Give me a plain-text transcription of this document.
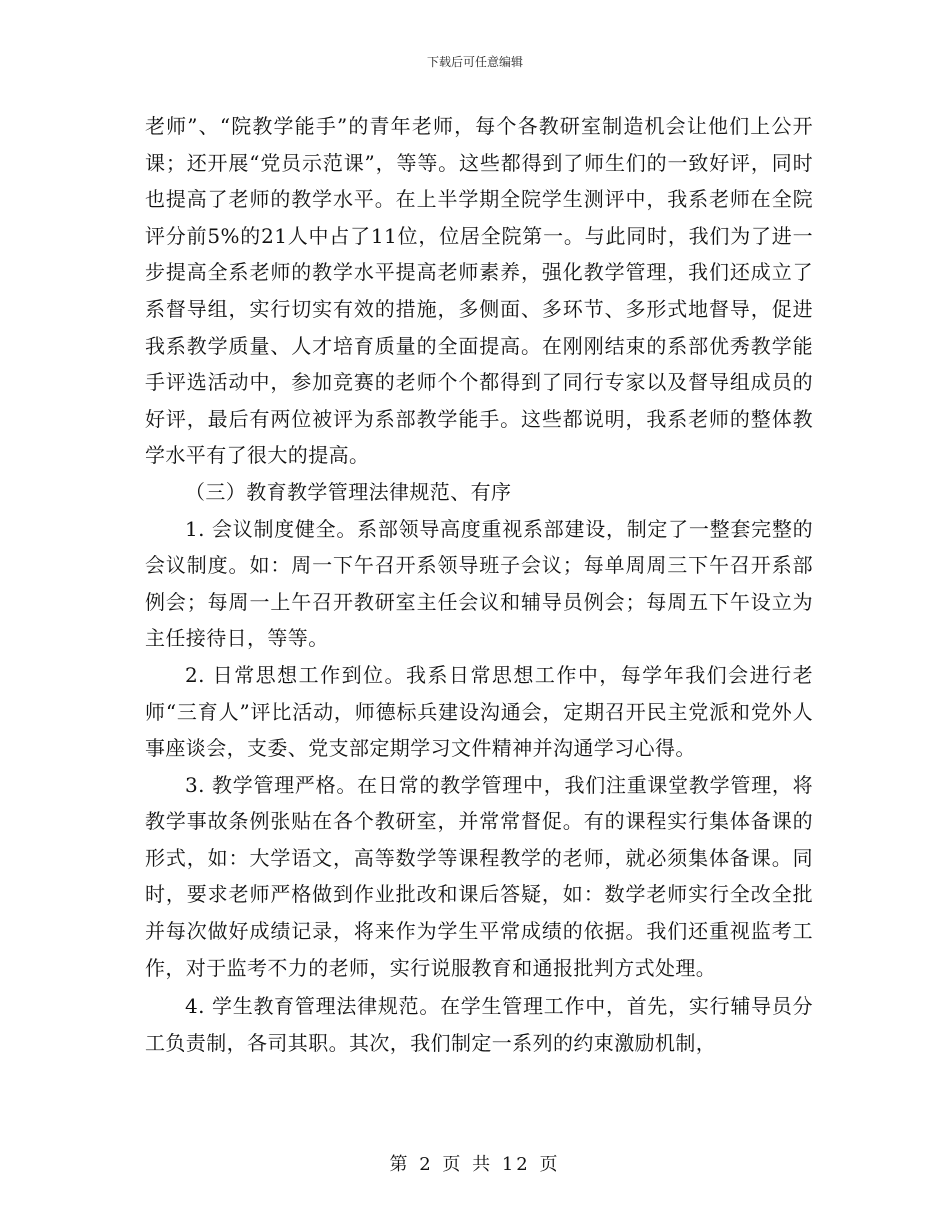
下载后可任意编辑

老师”、“院教学能手”的青年老师，每个各教研室制造机会让他们上公开课；还开展“党员示范课”，等等。这些都得到了师生们的一致好评，同时也提高了老师的教学水平。在上半学期全院学生测评中，我系老师在全院评分前5%的21人中占了11位，位居全院第一。与此同时，我们为了进一步提高全系老师的教学水平提高老师素养，强化教学管理，我们还成立了系督导组，实行切实有效的措施，多侧面、多环节、多形式地督导，促进我系教学质量、人才培育质量的全面提高。在刚刚结束的系部优秀教学能手评选活动中，参加竞赛的老师个个都得到了同行专家以及督导组成员的好评，最后有两位被评为系部教学能手。这些都说明，我系老师的整体教学水平有了很大的提高。

（三）教育教学管理法律规范、有序

1. 会议制度健全。系部领导高度重视系部建设，制定了一整套完整的会议制度。如：周一下午召开系领导班子会议；每单周周三下午召开系部例会；每周一上午召开教研室主任会议和辅导员例会；每周五下午设立为主任接待日，等等。

2. 日常思想工作到位。我系日常思想工作中，每学年我们会进行老师“三育人”评比活动，师德标兵建设沟通会，定期召开民主党派和党外人事座谈会，支委、党支部定期学习文件精神并沟通学习心得。

3. 教学管理严格。在日常的教学管理中，我们注重课堂教学管理，将教学事故条例张贴在各个教研室，并常常督促。有的课程实行集体备课的形式，如：大学语文，高等数学等课程教学的老师，就必须集体备课。同时，要求老师严格做到作业批改和课后答疑，如：数学老师实行全改全批并每次做好成绩记录，将来作为学生平常成绩的依据。我们还重视监考工作，对于监考不力的老师，实行说服教育和通报批判方式处理。

4. 学生教育管理法律规范。在学生管理工作中，首先，实行辅导员分工负责制，各司其职。其次，我们制定一系列的约束激励机制，

第 2 页 共 12 页
